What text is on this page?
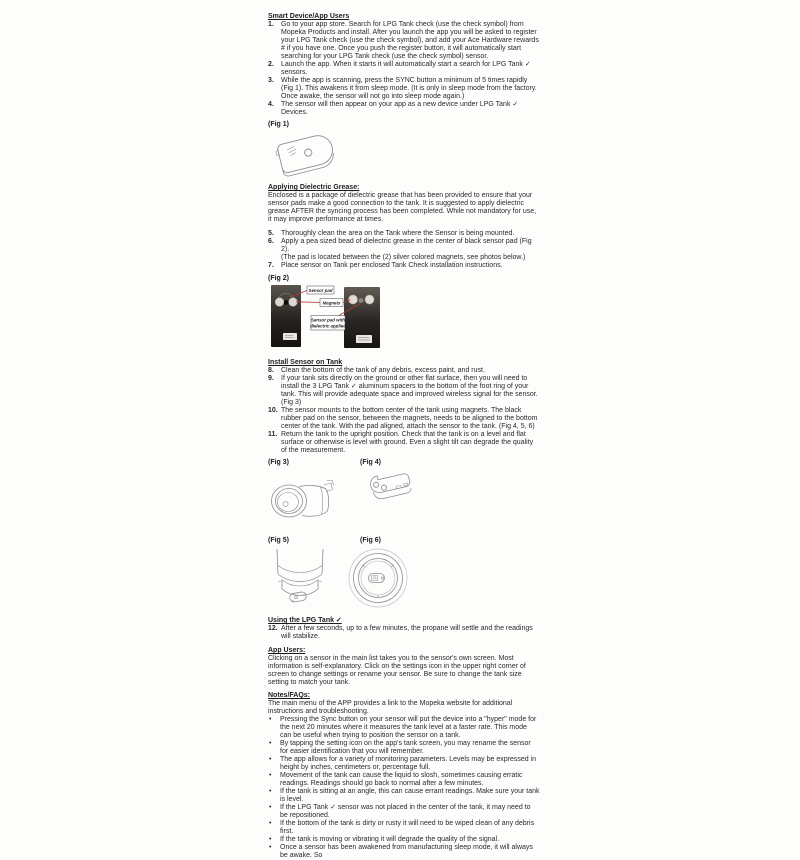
Smart Device/App Users
1.	Go to your app store. Search for LPG Tank check (use the check symbol) from Mopeka Products and install. After you launch the app you will be asked to register your LPG Tank check (use the check symbol), and add your Ace Hardware rewards # if you have one. Once you push the register button, it will automatically start searching for your LPG Tank check (use the check symbol) sensor.
2.	Launch the app. When it starts it will automatically start a search for LPG Tank ✓ sensors.
3.	While the app is scanning, press the SYNC button a minimum of 5 times rapidly (Fig 1). This awakens it from sleep mode. (It is only in sleep mode from the factory. Once awake, the sensor will not go into sleep mode again.)
4.	The sensor will then appear on your app as a new device under LPG Tank ✓ Devices.
(Fig 1)
Applying Dielectric Grease:
Enclosed is a package of dielectric grease that has been provided to ensure that your sensor pads make a good connection to the tank. It is suggested to apply dielectric grease AFTER the syncing process has been completed. While not mandatory for use, it may improve performance at times.
5.	Thoroughly clean the area on the Tank where the Sensor is being mounted.
6.	Apply a pea sized bead of dielectric grease in the center of black sensor pad (Fig 2).
(The pad is located between the (2) silver colored magnets, see photos below.)
7.	Place sensor on Tank per enclosed Tank Check installation instructions.
(Fig 2)
Sensor pad
Magnets
Sensor pad with
dielectric applied
Install Sensor on Tank
8.	Clean the bottom of the tank of any debris, excess paint, and rust.
9.	If your tank sits directly on the ground or other flat surface, then you will need to install the 3 LPG Tank ✓ aluminum spacers to the bottom of the foot ring of your tank. This will provide adequate space and improved wireless signal for the sensor. (Fig 3)
10. The sensor mounts to the bottom center of the tank using magnets. The black rubber pad on the sensor, between the magnets, needs to be aligned to the bottom center of the tank. With the pad aligned, attach the sensor to the tank. (Fig 4, 5, 6)
11. Return the tank to the upright position. Check that the tank is on a level and flat surface or otherwise is level with ground. Even a slight tilt can degrade the quality of the measurement.
(Fig 3)	(Fig 4)
(Fig 5)	(Fig 6)
Using the LPG Tank ✓
12. After a few seconds, up to a few minutes, the propane will settle and the readings will stabilize.
App Users:
Clicking on a sensor in the main list takes you to the sensor's own screen. Most information is self-explanatory. Click on the settings icon in the upper right corner of screen to change settings or rename your sensor. Be sure to change the tank size setting to match your tank.
Notes/FAQs:
The main menu of the APP provides a link to the Mopeka website for additional instructions and troubleshooting.
•	Pressing the Sync button on your sensor will put the device into a "hyper" mode for the next 20 minutes where it measures the tank level at a faster rate. This mode can be useful when trying to position the sensor on a tank.
•	By tapping the setting icon on the app's tank screen, you may rename the sensor for easier identification that you will remember.
•	The app allows for a variety of monitoring parameters. Levels may be expressed in height by inches, centimeters or, percentage full.
•	Movement of the tank can cause the liquid to slosh, sometimes causing erratic readings. Readings should go back to normal after a few minutes.
•	If the tank is sitting at an angle, this can cause errant readings. Make sure your tank is level.
•	If the LPG Tank ✓ sensor was not placed in the center of the tank, it may need to be repositioned.
•	If the bottom of the tank is dirty or rusty it will need to be wiped clean of any debris first.
•	If the tank is moving or vibrating it will degrade the quality of the signal.
•	Once a sensor has been awakened from manufacturing sleep mode, it will always be awake. So
